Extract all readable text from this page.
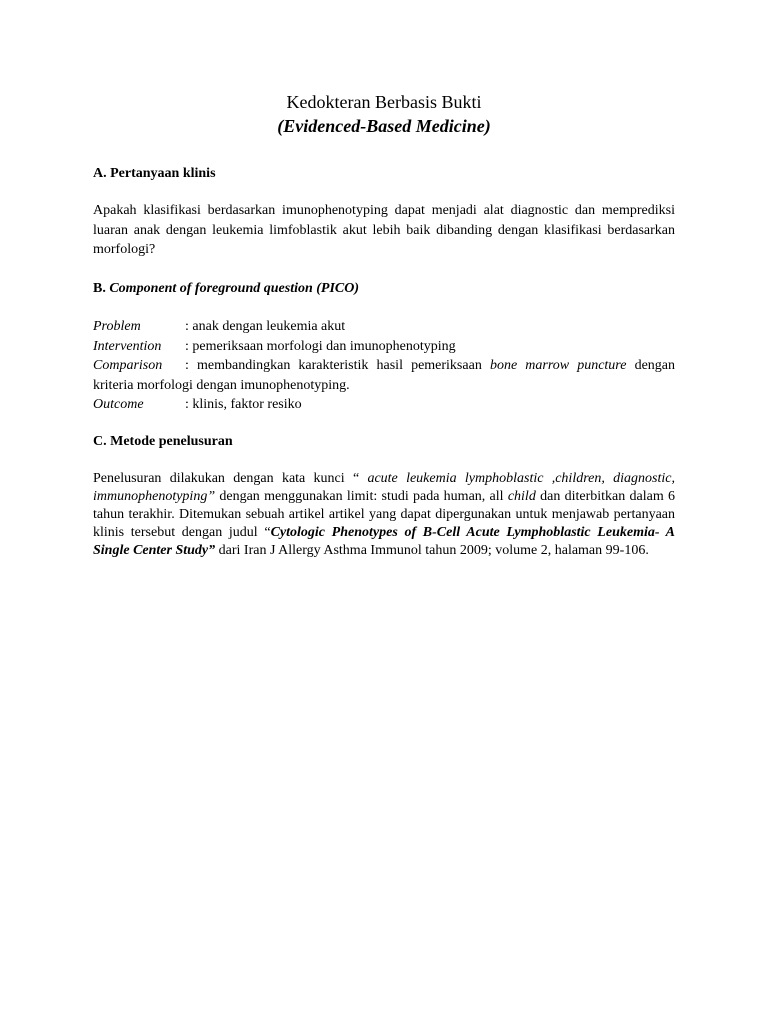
Kedokteran Berbasis Bukti
(Evidenced-Based Medicine)

A. Pertanyaan klinis

Apakah klasifikasi berdasarkan imunophenotyping dapat menjadi alat diagnostic dan memprediksi luaran anak dengan leukemia limfoblastik akut lebih baik dibanding dengan klasifikasi berdasarkan morfologi?

B. Component of foreground question (PICO)

Problem	: anak dengan leukemia akut
Intervention	: pemeriksaan morfologi dan imunophenotyping
Comparison : membandingkan karakteristik hasil pemeriksaan bone marrow puncture dengan kriteria morfologi dengan imunophenotyping.
Outcome	: klinis, faktor resiko

C. Metode penelusuran

Penelusuran dilakukan dengan kata kunci “ acute leukemia lymphoblastic ,children, diagnostic, immunophenotyping” dengan menggunakan limit: studi pada human, all child dan diterbitkan dalam 6 tahun terakhir. Ditemukan sebuah artikel artikel yang dapat dipergunakan untuk menjawab pertanyaan klinis tersebut dengan judul “Cytologic Phenotypes of B-Cell Acute Lymphoblastic Leukemia- A Single Center Study” dari Iran J Allergy Asthma Immunol tahun 2009; volume 2, halaman 99-106.
